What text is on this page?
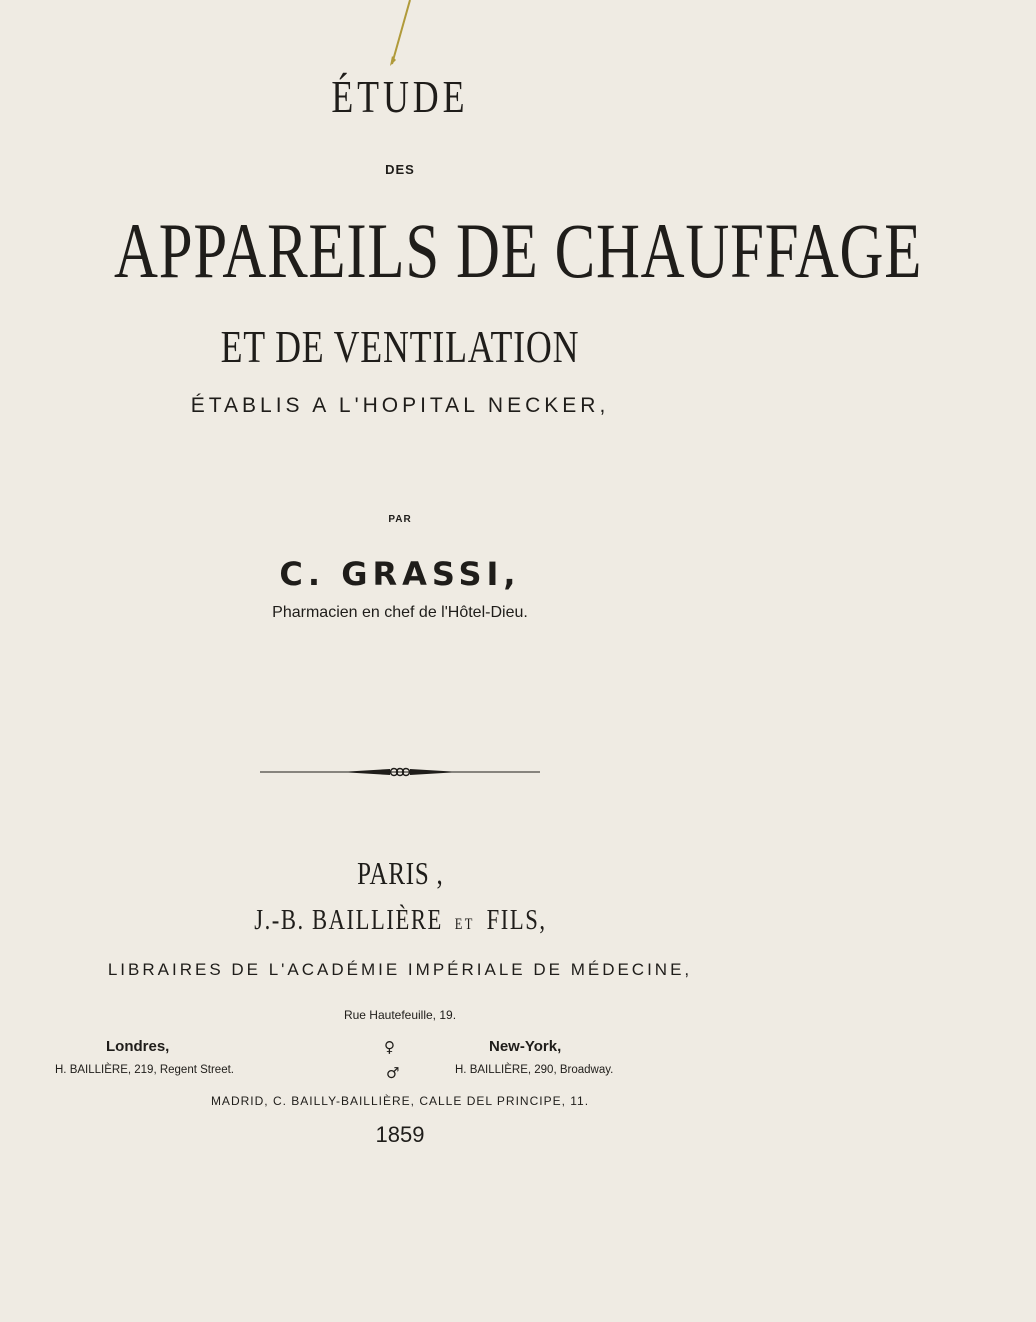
ÉTUDE
DES
APPAREILS DE CHAUFFAGE
ET DE VENTILATION
ÉTABLIS A L'HOPITAL NECKER,
PAR
C. GRASSI,
Pharmacien en chef de l'Hôtel-Dieu.
PARIS ,
J.-B. BAILLIÈRE ET FILS,
LIBRAIRES DE L'ACADÉMIE IMPÉRIALE DE MÉDECINE,
Rue Hautefeuille, 19.
Londres,
H. BAILLIÈRE, 219, Regent Street.
♀
♂
New-York,
H. BAILLIÈRE, 290, Broadway.
MADRID, C. BAILLY-BAILLIÈRE, CALLE DEL PRINCIPE, 11.
1859
